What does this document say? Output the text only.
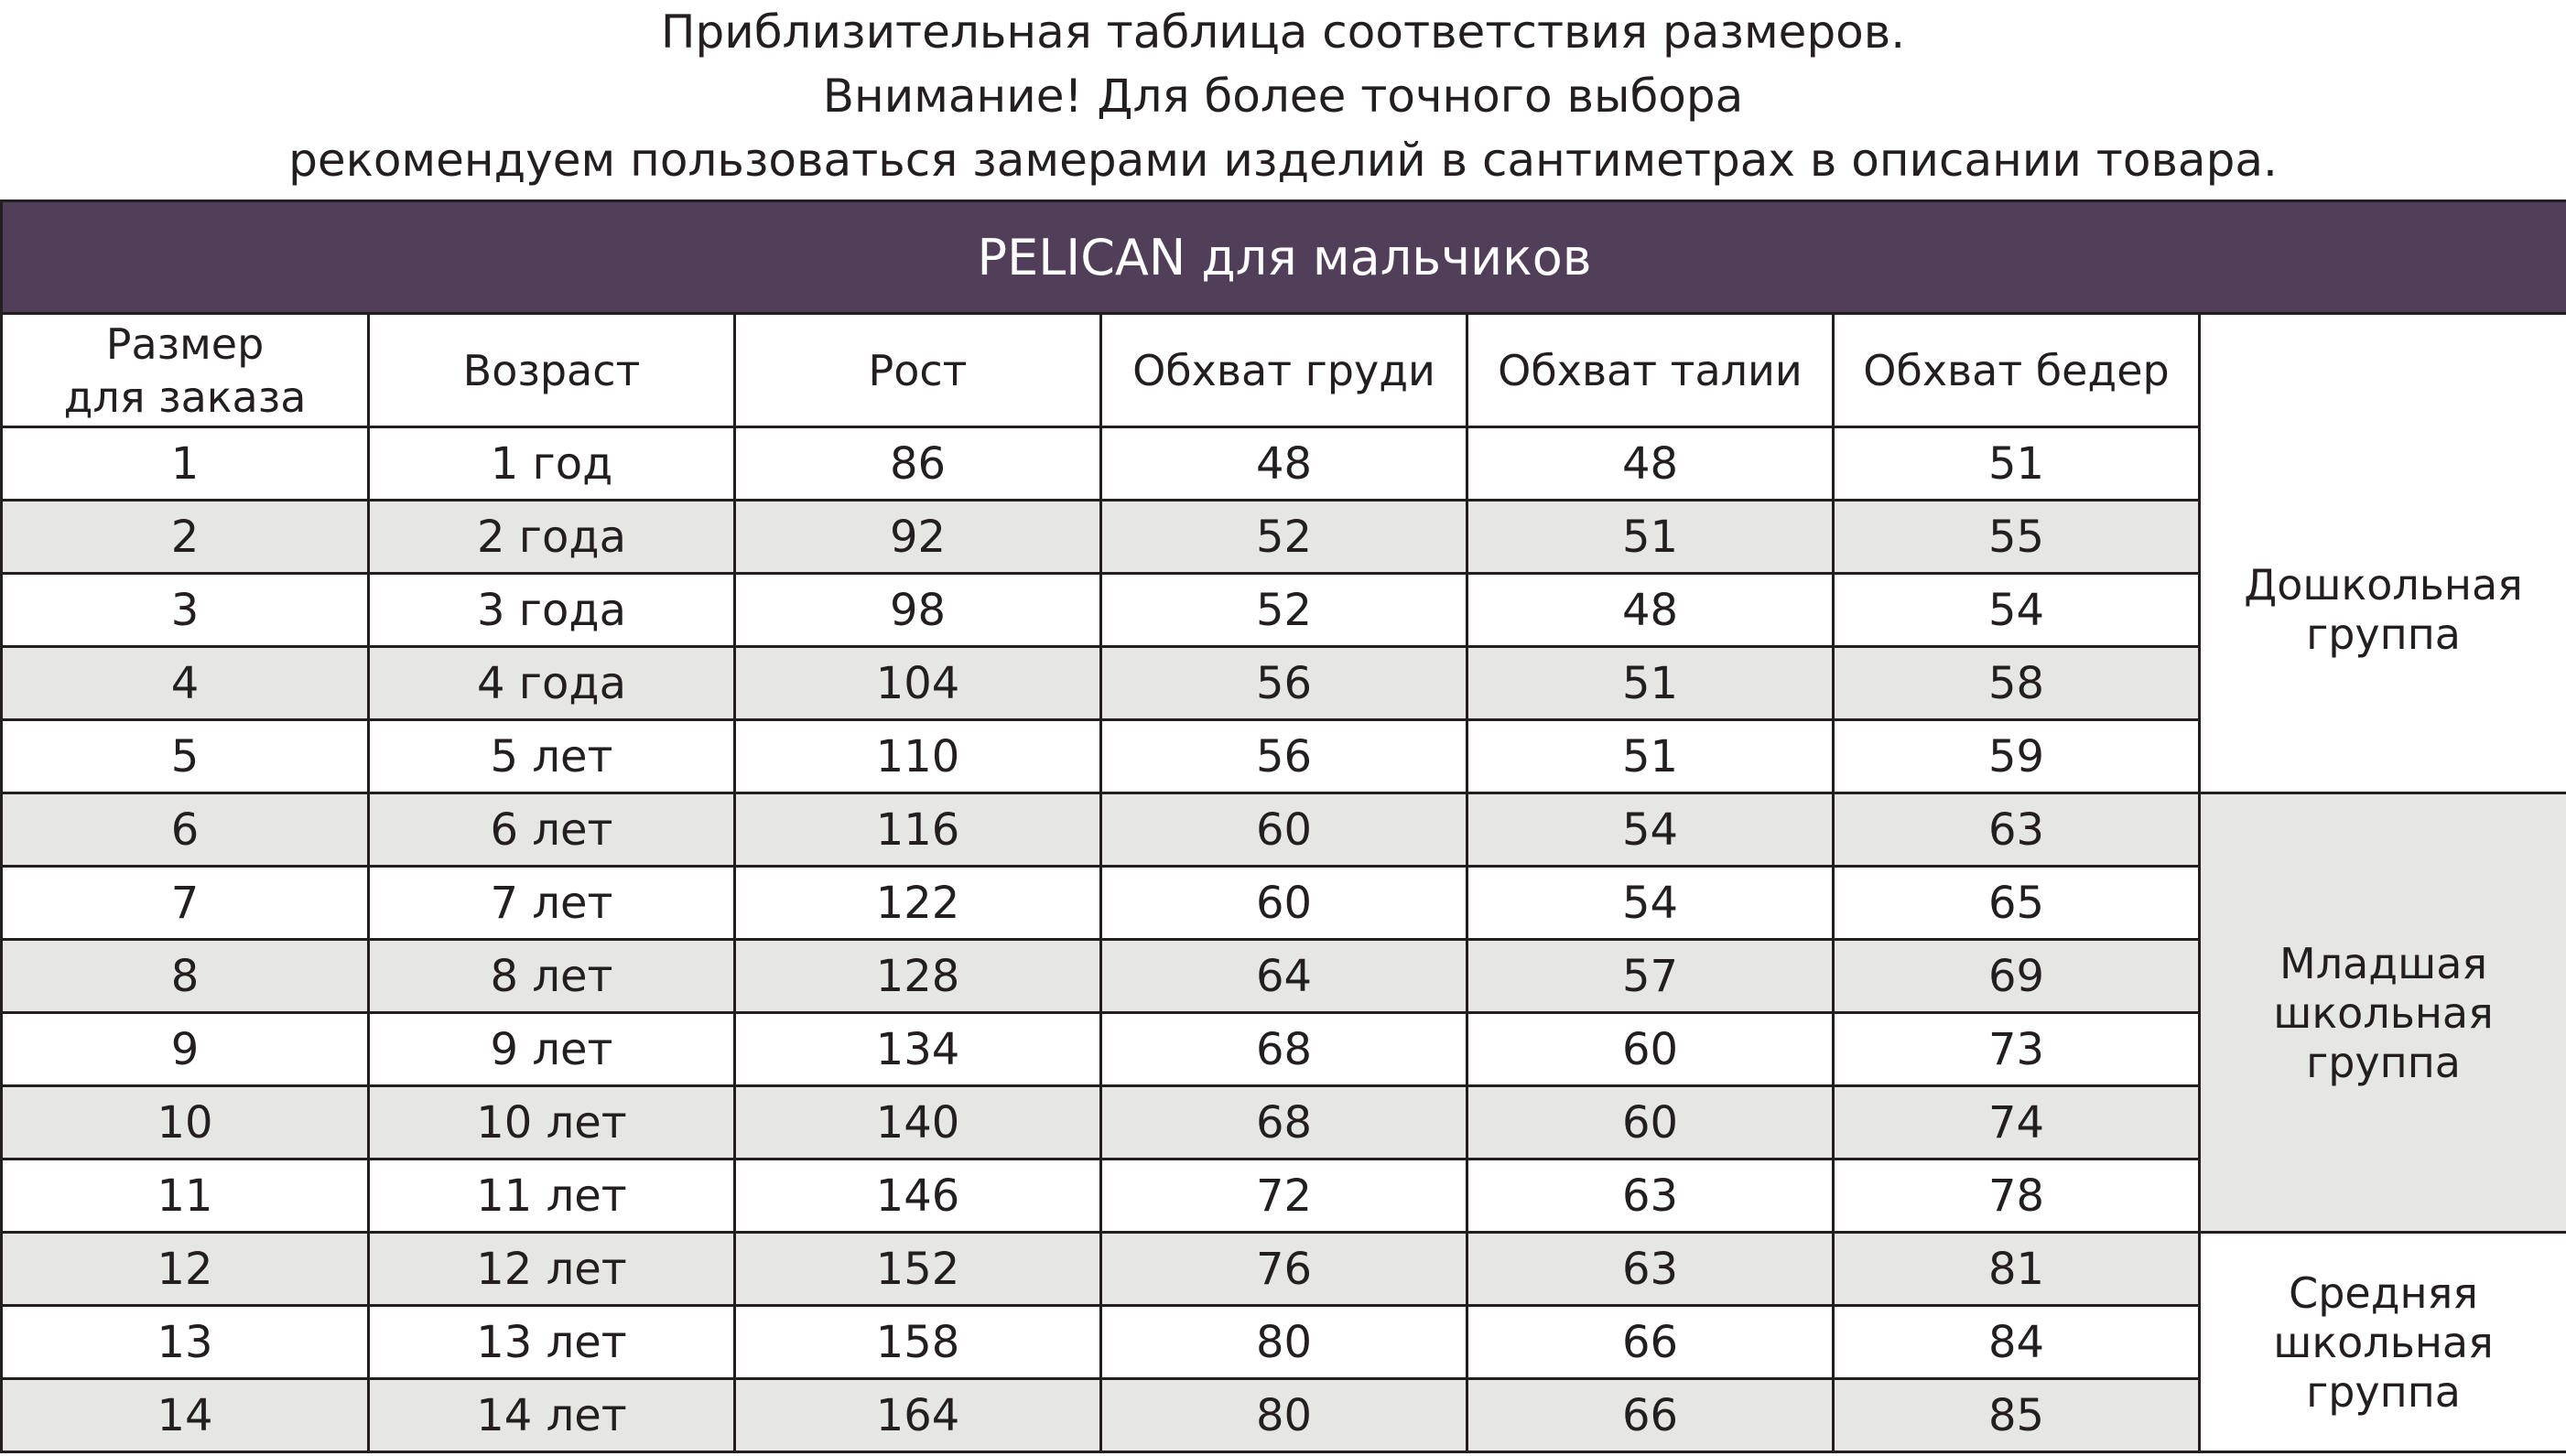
Приблизительная таблица соответствия размеров.
Внимание! Для более точного выбора
рекомендуем пользоваться замерами изделий в сантиметрах в описании товара.
PELICAN для мальчиков						

Размер
для заказа	Возраст	Рост	Обхват груди	Обхват талии	Обхват бедер	
1	1 год	86	48	48	51	Дошкольная
группа

2	2 года	92	52	51	55	
3	3 года	98	52	48	54	
4	4 года	104	56	51	58	
5	5 лет	110	56	51	59	
6	6 лет	116	60	54	63	Младшая
школьная
группа

7	7 лет	122	60	54	65	
8	8 лет	128	64	57	69	
9	9 лет	134	68	60	73	
10	10 лет	140	68	60	74	
11	11 лет	146	72	63	78	
12	12 лет	152	76	63	81	Средняя
школьная
группа

13	13 лет	158	80	66	84	
14	14 лет	164	80	66	85	
